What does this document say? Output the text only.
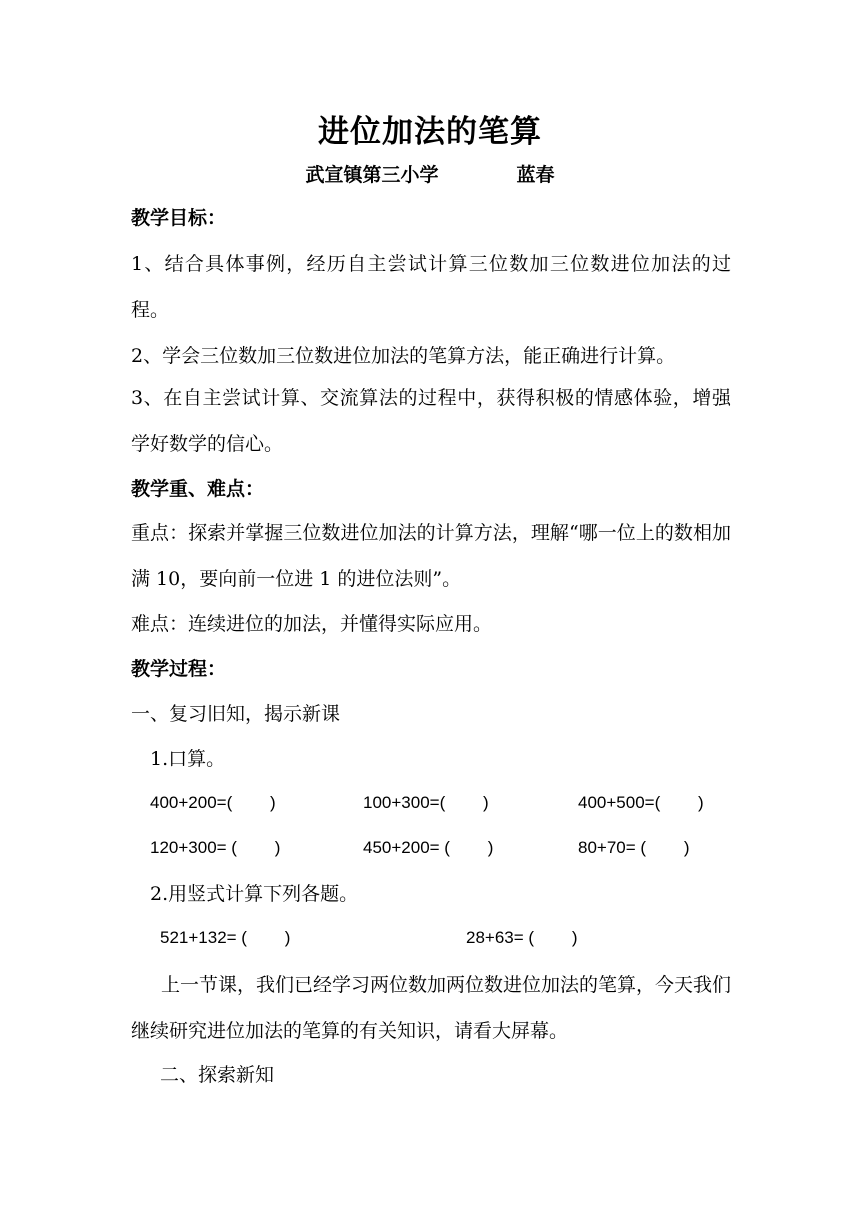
进位加法的笔算
武宣镇第三小学	蓝春
教学目标：
1、结合具体事例，经历自主尝试计算三位数加三位数进位加法的过程。
2、学会三位数加三位数进位加法的笔算方法，能正确进行计算。
3、在自主尝试计算、交流算法的过程中，获得积极的情感体验，增强学好数学的信心。
教学重、难点：
重点：探索并掌握三位数进位加法的计算方法，理解“哪一位上的数相加满 10，要向前一位进 1 的进位法则”。
难点：连续进位的加法，并懂得实际应用。
教学过程：
一、复习旧知，揭示新课
1.口算。
400+200=(        )	100+300=(        )	400+500=(        )
120+300= (        )	450+200= (        )	80+70= (        )
2.用竖式计算下列各题。
521+132= (        )	28+63= (        )
上一节课，我们已经学习两位数加两位数进位加法的笔算，今天我们继续研究进位加法的笔算的有关知识，请看大屏幕。
二、探索新知
